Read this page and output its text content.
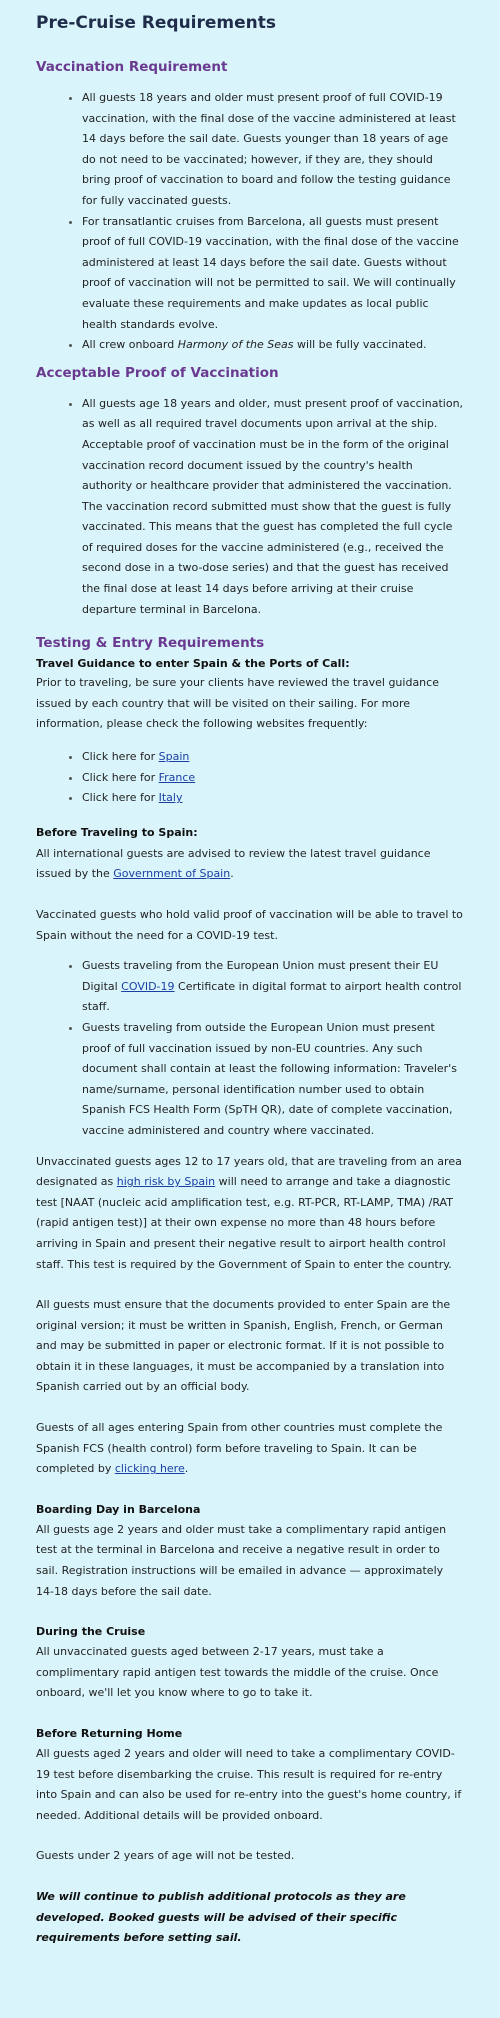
Pre-Cruise Requirements
Vaccination Requirement
• All guests 18 years and older must present proof of full COVID-19 vaccination, with the final dose of the vaccine administered at least 14 days before the sail date. Guests younger than 18 years of age do not need to be vaccinated; however, if they are, they should bring proof of vaccination to board and follow the testing guidance for fully vaccinated guests.
• For transatlantic cruises from Barcelona, all guests must present proof of full COVID-19 vaccination, with the final dose of the vaccine administered at least 14 days before the sail date. Guests without proof of vaccination will not be permitted to sail. We will continually evaluate these requirements and make updates as local public health standards evolve.
• All crew onboard Harmony of the Seas will be fully vaccinated.
Acceptable Proof of Vaccination
• All guests age 18 years and older, must present proof of vaccination, as well as all required travel documents upon arrival at the ship. Acceptable proof of vaccination must be in the form of the original vaccination record document issued by the country's health authority or healthcare provider that administered the vaccination. The vaccination record submitted must show that the guest is fully vaccinated. This means that the guest has completed the full cycle of required doses for the vaccine administered (e.g., received the second dose in a two-dose series) and that the guest has received the final dose at least 14 days before arriving at their cruise departure terminal in Barcelona.
Testing & Entry Requirements

Travel Guidance to enter Spain & the Ports of Call:

Prior to traveling, be sure your clients have reviewed the travel guidance issued by each country that will be visited on their sailing. For more information, please check the following websites frequently:

• Click here for Spain
• Click here for France
• Click here for Italy

Before Traveling to Spain:

All international guests are advised to review the latest travel guidance issued by the Government of Spain.

Vaccinated guests who hold valid proof of vaccination will be able to travel to Spain without the need for a COVID-19 test.

• Guests traveling from the European Union must present their EU Digital COVID-19 Certificate in digital format to airport health control staff.
• Guests traveling from outside the European Union must present proof of full vaccination issued by non-EU countries. Any such document shall contain at least the following information: Traveler's name/surname, personal identification number used to obtain Spanish FCS Health Form (SpTH QR), date of complete vaccination, vaccine administered and country where vaccinated.

Unvaccinated guests ages 12 to 17 years old, that are traveling from an area designated as high risk by Spain will need to arrange and take a diagnostic test [NAAT (nucleic acid amplification test, e.g. RT-PCR, RT-LAMP, TMA) /RAT (rapid antigen test)] at their own expense no more than 48 hours before arriving in Spain and present their negative result to airport health control staff. This test is required by the Government of Spain to enter the country.

All guests must ensure that the documents provided to enter Spain are the original version; it must be written in Spanish, English, French, or German and may be submitted in paper or electronic format. If it is not possible to obtain it in these languages, it must be accompanied by a translation into Spanish carried out by an official body.

Guests of all ages entering Spain from other countries must complete the Spanish FCS (health control) form before traveling to Spain. It can be completed by clicking here.

Boarding Day in Barcelona

All guests age 2 years and older must take a complimentary rapid antigen test at the terminal in Barcelona and receive a negative result in order to sail. Registration instructions will be emailed in advance — approximately 14-18 days before the sail date.

During the Cruise

All unvaccinated guests aged between 2-17 years, must take a complimentary rapid antigen test towards the middle of the cruise. Once onboard, we'll let you know where to go to take it.

Before Returning Home

All guests aged 2 years and older will need to take a complimentary COVID-19 test before disembarking the cruise. This result is required for re-entry into Spain and can also be used for re-entry into the guest's home country, if needed. Additional details will be provided onboard.

Guests under 2 years of age will not be tested.

We will continue to publish additional protocols as they are developed. Booked guests will be advised of their specific requirements before setting sail.
